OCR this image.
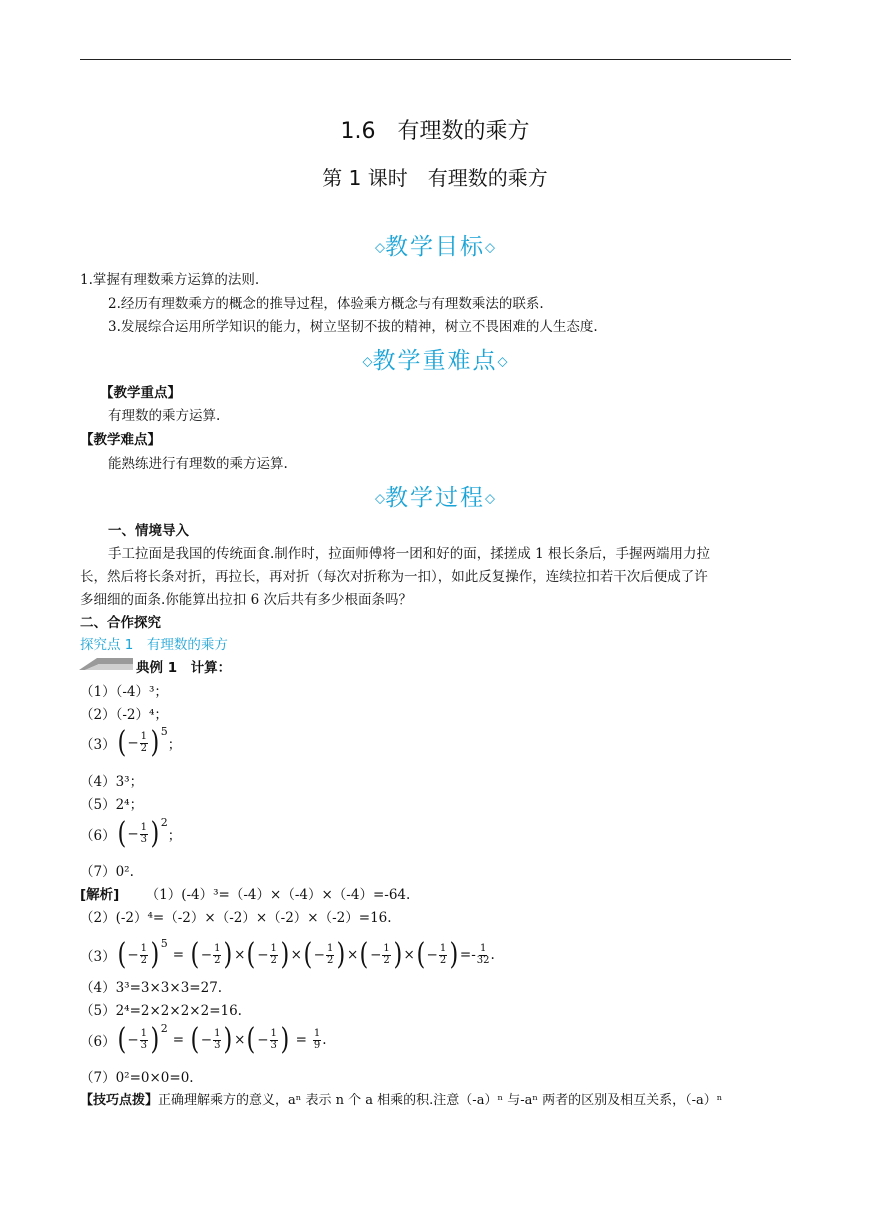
1.6　有理数的乘方
第 1 课时　有理数的乘方
◇教学目标◇
1.掌握有理数乘方运算的法则.
2.经历有理数乘方的概念的推导过程，体验乘方概念与有理数乘法的联系.
3.发展综合运用所学知识的能力，树立坚韧不拔的精神，树立不畏困难的人生态度.
◇教学重难点◇
【教学重点】
有理数的乘方运算.
【教学难点】
能熟练进行有理数的乘方运算.
◇教学过程◇
一、情境导入
手工拉面是我国的传统面食.制作时，拉面师傅将一团和好的面，揉搓成 1 根长条后，手握两端用力拉
长，然后将长条对折，再拉长，再对折（每次对折称为一扣），如此反复操作，连续拉扣若干次后便成了许
多细细的面条.你能算出拉扣 6 次后共有多少根面条吗？
二、合作探究
探究点 1　有理数的乘方
典例 1　计算：
（1）（-4）³；
（2）（-2）⁴；
（3） ( − $\frac{1}{2}$ ) 5
；
（4）3³；
（5）2⁴；
（6） ( − $\frac{1}{3}$ ) 2
；
（7）0².
[解析] （1）(-4）³=（-4）×（-4）×（-4）=-64.
（2）(-2）⁴=（-2）×（-2）×（-2）×（-2）=16.
（3） ( − $\frac{1}{2}$ ) 5
= ( − $\frac{1}{2}$ ) × ( − $\frac{1}{2}$ ) × ( − $\frac{1}{2}$ ) × ( − $\frac{1}{2}$ ) × ( − $\frac{1}{2}$ ) =- $\frac{1}{32}$ .
（4）3³=3×3×3=27.
（5）2⁴=2×2×2×2=16.
（6） ( − $\frac{1}{3}$ ) 2
= ( − $\frac{1}{3}$ ) × ( − $\frac{1}{3}$ ) = $\frac{1}{9}$ .
（7）0²=0×0=0.
【技巧点拨】正确理解乘方的意义，aⁿ 表示 n 个 a 相乘的积.注意（-a）ⁿ 与-aⁿ 两者的区别及相互关系，（-a）ⁿ
